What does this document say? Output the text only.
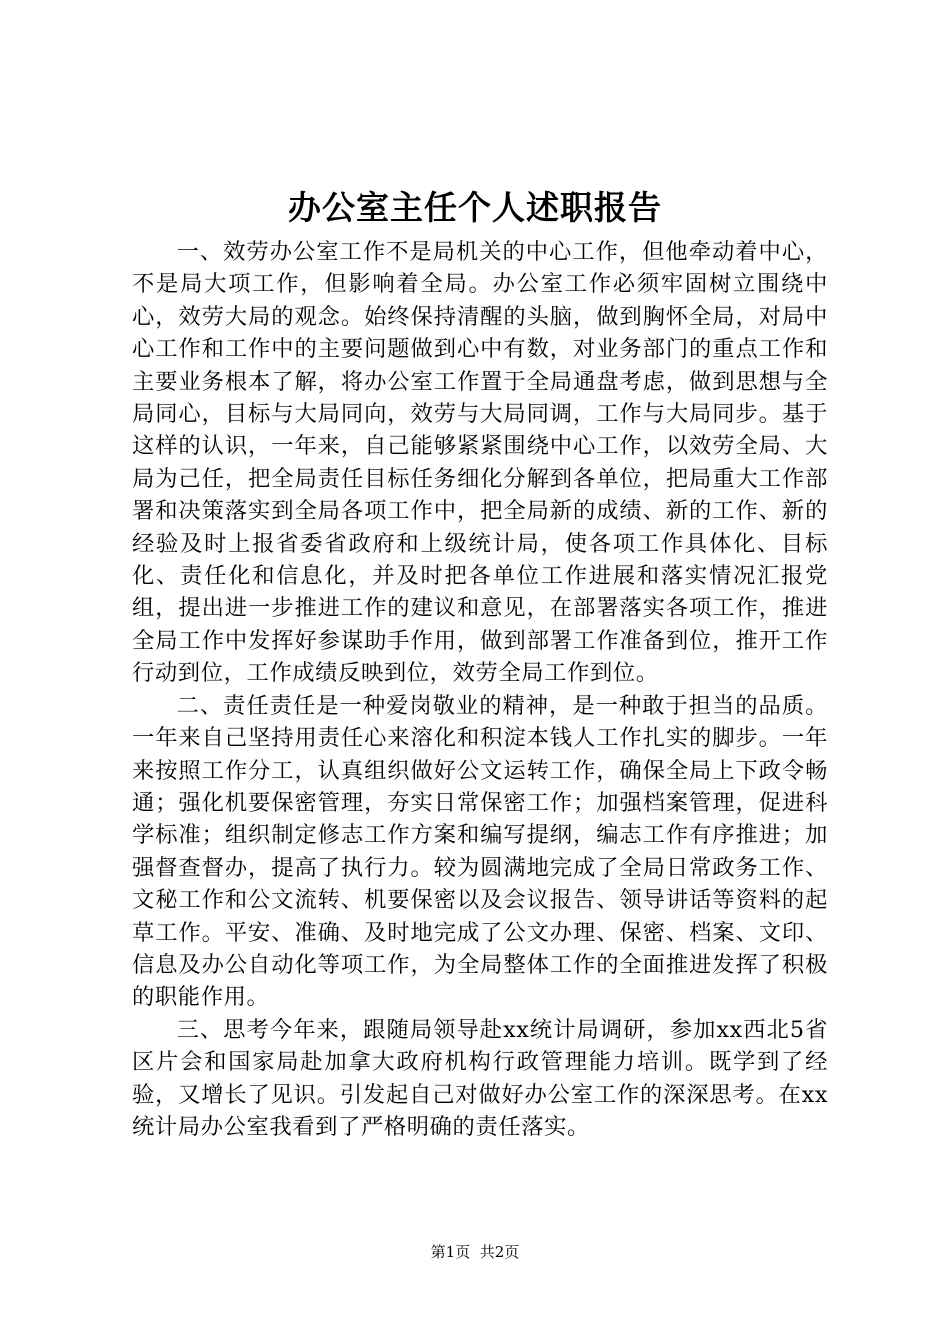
办公室主任个人述职报告

一、效劳办公室工作不是局机关的中心工作，但他牵动着中心，不是局大项工作，但影响着全局。办公室工作必须牢固树立围绕中心，效劳大局的观念。始终保持清醒的头脑，做到胸怀全局，对局中心工作和工作中的主要问题做到心中有数，对业务部门的重点工作和主要业务根本了解，将办公室工作置于全局通盘考虑，做到思想与全局同心，目标与大局同向，效劳与大局同调，工作与大局同步。基于这样的认识，一年来，自己能够紧紧围绕中心工作，以效劳全局、大局为己任，把全局责任目标任务细化分解到各单位，把局重大工作部署和决策落实到全局各项工作中，把全局新的成绩、新的工作、新的经验及时上报省委省政府和上级统计局，使各项工作具体化、目标化、责任化和信息化，并及时把各单位工作进展和落实情况汇报党组，提出进一步推进工作的建议和意见，在部署落实各项工作，推进全局工作中发挥好参谋助手作用，做到部署工作准备到位，推开工作行动到位，工作成绩反映到位，效劳全局工作到位。

二、责任责任是一种爱岗敬业的精神，是一种敢于担当的品质。一年来自己坚持用责任心来溶化和积淀本钱人工作扎实的脚步。一年来按照工作分工，认真组织做好公文运转工作，确保全局上下政令畅通；强化机要保密管理，夯实日常保密工作；加强档案管理，促进科学标准；组织制定修志工作方案和编写提纲，编志工作有序推进；加强督查督办，提高了执行力。较为圆满地完成了全局日常政务工作、文秘工作和公文流转、机要保密以及会议报告、领导讲话等资料的起草工作。平安、准确、及时地完成了公文办理、保密、档案、文印、信息及办公自动化等项工作，为全局整体工作的全面推进发挥了积极的职能作用。

三、思考今年来，跟随局领导赴xx统计局调研，参加xx西北5省区片会和国家局赴加拿大政府机构行政管理能力培训。既学到了经验，又增长了见识。引发起自己对做好办公室工作的深深思考。在xx统计局办公室我看到了严格明确的责任落实。

第1页 共2页
